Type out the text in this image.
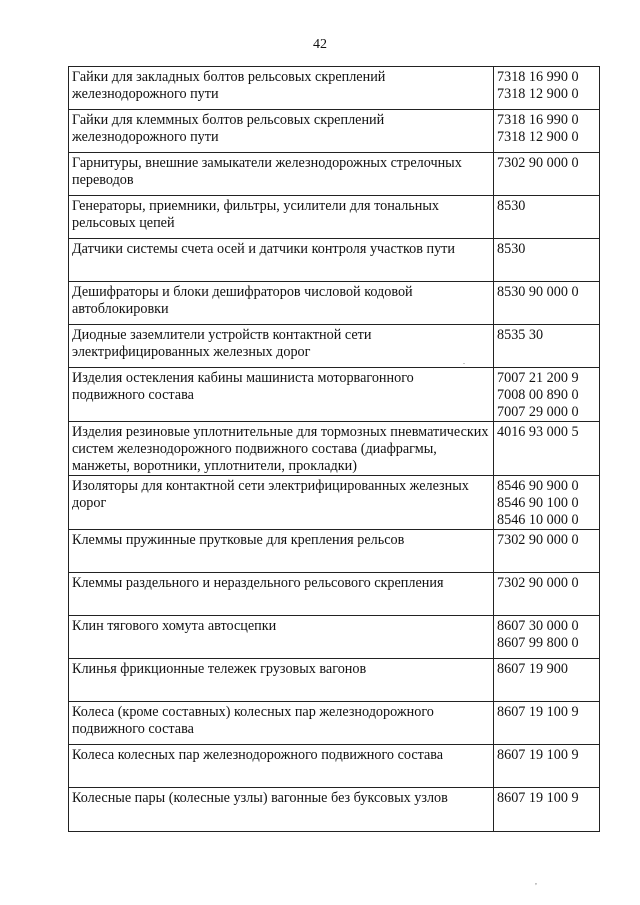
42
Гайки для закладных болтов рельсовых скреплений железнодорожного пути	7318 16 990 0
7318 12 900 0

Гайки для клеммных болтов рельсовых скреплений железнодорожного пути	7318 16 990 0
7318 12 900 0

Гарнитуры, внешние замыкатели железнодорожных стрелочных переводов	7302 90 000 0

Генераторы, приемники, фильтры, усилители для тональных рельсовых цепей	8530

Датчики системы счета осей и датчики контроля участков пути	8530

Дешифраторы и блоки дешифраторов числовой кодовой автоблокировки	8530 90 000 0

Диодные заземлители устройств контактной сети электрифицированных железных дорог	8535 30

Изделия остекления кабины машиниста моторвагонного подвижного состава	7007 21 200 9
7008 00 890 0
7007 29 000 0

Изделия резиновые уплотнительные для тормозных пневматических систем железнодорожного подвижного состава (диафрагмы, манжеты, воротники, уплотнители, прокладки)	4016 93 000 5

Изоляторы для контактной сети электрифицированных железных дорог	8546 90 900 0
8546 90 100 0
8546 10 000 0

Клеммы пружинные прутковые для крепления рельсов	7302 90 000 0

Клеммы раздельного и нераздельного рельсового скрепления	7302 90 000 0

Клин тягового хомута автосцепки	8607 30 000 0
8607 99 800 0

Клинья фрикционные тележек грузовых вагонов	8607 19 900

Колеса (кроме составных) колесных пар железнодорожного подвижного состава	8607 19 100 9

Колеса колесных пар железнодорожного подвижного состава	8607 19 100 9

Колесные пары (колесные узлы) вагонные без буксовых узлов	8607 19 100 9
.
,
